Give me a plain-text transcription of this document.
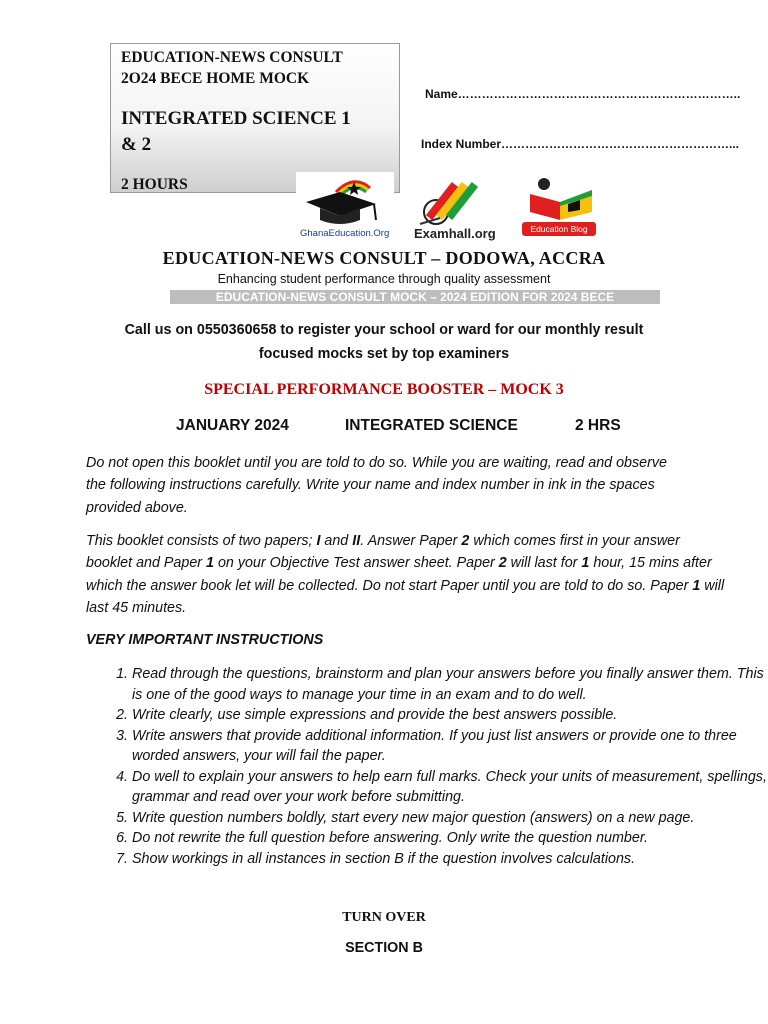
EDUCATION-NEWS CONSULT
2O24 BECE HOME MOCK
INTEGRATED SCIENCE 1
& 2
2 HOURS
Name……………………………………………………………..
Index Number…………………………………………………...
GhanaEducation.Org Examhall.org	Education Blog
EDUCATION-NEWS CONSULT – DODOWA, ACCRA
Enhancing student performance through quality assessment
EDUCATION-NEWS CONSULT MOCK – 2024 EDITION FOR 2024 BECE
Call us on 0550360658 to register your school or ward for our monthly result
focused mocks set by top examiners
SPECIAL PERFORMANCE BOOSTER – MOCK 3
JANUARY 2024	INTEGRATED SCIENCE	2 HRS
Do not open this booklet until you are told to do so. While you are waiting, read and observe
the following instructions carefully. Write your name and index number in ink in the spaces
provided above.
This booklet consists of two papers; I and II. Answer Paper 2 which comes first in your answer booklet and Paper 1 on your Objective Test answer sheet. Paper 2 will last for 1 hour, 15 mins after which the answer book let will be collected. Do not start Paper until you are told to do so. Paper 1 will last 45 minutes.
VERY IMPORTANT INSTRUCTIONS
1. Read through the questions, brainstorm and plan your answers before you finally answer them. This is one of the good ways to manage your time in an exam and to do well.
2. Write clearly, use simple expressions and provide the best answers possible.
3. Write answers that provide additional information. If you just list answers or provide one to three worded answers, your will fail the paper.
4. Do well to explain your answers to help earn full marks. Check your units of measurement, spellings, grammar and read over your work before submitting.
5. Write question numbers boldly, start every new major question (answers) on a new page.
6. Do not rewrite the full question before answering. Only write the question number.
7. Show workings in all instances in section B if the question involves calculations.
TURN OVER
SECTION B
